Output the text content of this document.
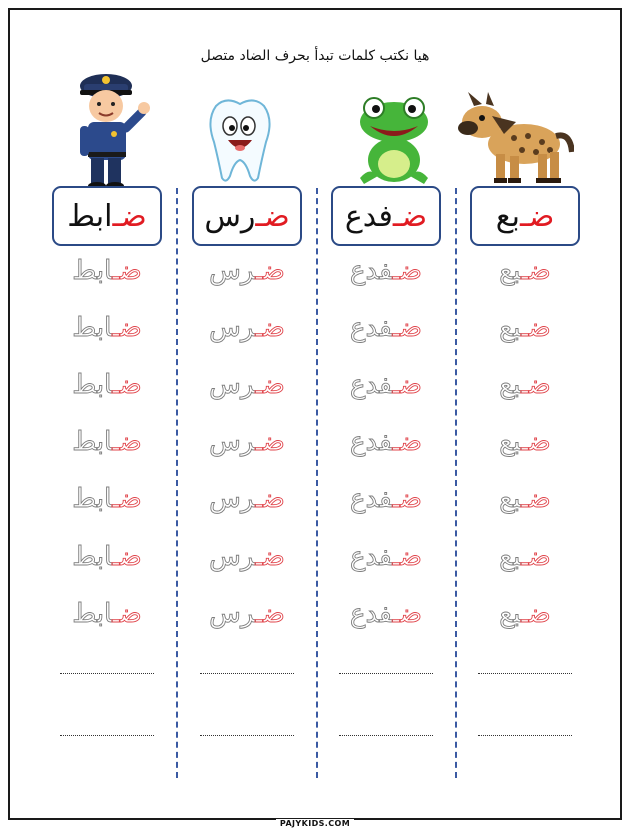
هيا نكتب كلمات تبدأ بحرف الضاد متصل
ضـ
ابط
ضـابط
ضـابط
ضـابط
ضـابط
ضـابط
ضـابط
ضـابط
ضـ
رس
ضـرس
ضـرس
ضـرس
ضـرس
ضـرس
ضـرس
ضـرس
ضـ
فدع
ضـفدع
ضـفدع
ضـفدع
ضـفدع
ضـفدع
ضـفدع
ضـفدع
ضـ
بع
ضـبع
ضـبع
ضـبع
ضـبع
ضـبع
ضـبع
ضـبع
PAJYKIDS.COM
